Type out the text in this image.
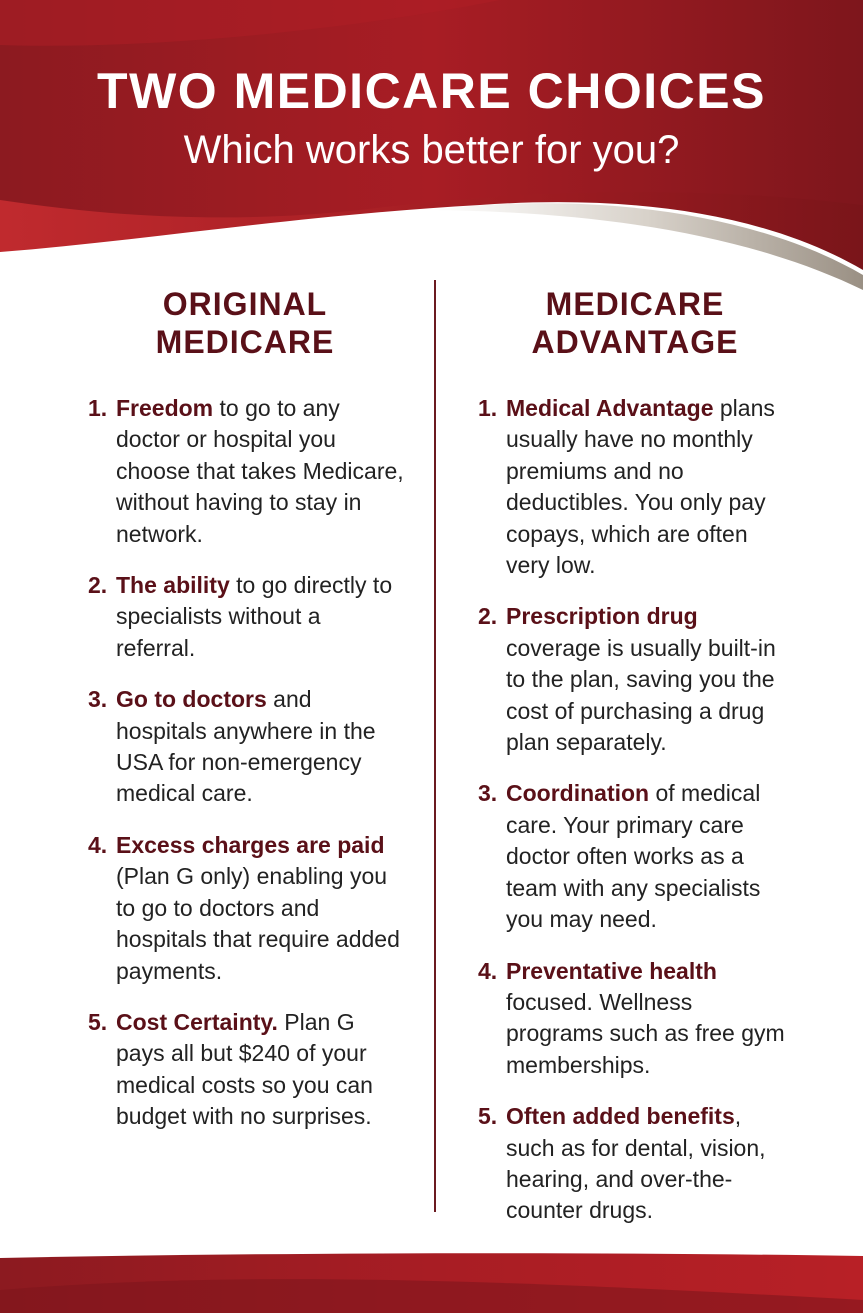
TWO MEDICARE CHOICES
Which works better for you?
ORIGINAL
MEDICARE
1. Freedom to go to any doctor or hospital you choose that takes Medicare, without having to stay in network.
2. The ability to go directly to specialists without a referral.
3. Go to doctors and hospitals anywhere in the USA for non-emergency medical care.
4. Excess charges are paid (Plan G only) enabling you to go to doctors and hospitals that require added payments.
5. Cost Certainty. Plan G pays all but $240 of your medical costs so you can budget with no surprises.
MEDICARE
ADVANTAGE
1. Medical Advantage plans usually have no monthly premiums and no deductibles. You only pay copays, which are often very low.
2. Prescription drug coverage is usually built-in to the plan, saving you the cost of purchasing a drug plan separately.
3. Coordination of medical care. Your primary care doctor often works as a team with any specialists you may need.
4. Preventative health focused. Wellness programs such as free gym memberships.
5. Often added benefits, such as for dental, vision, hearing, and over-the-counter drugs.
